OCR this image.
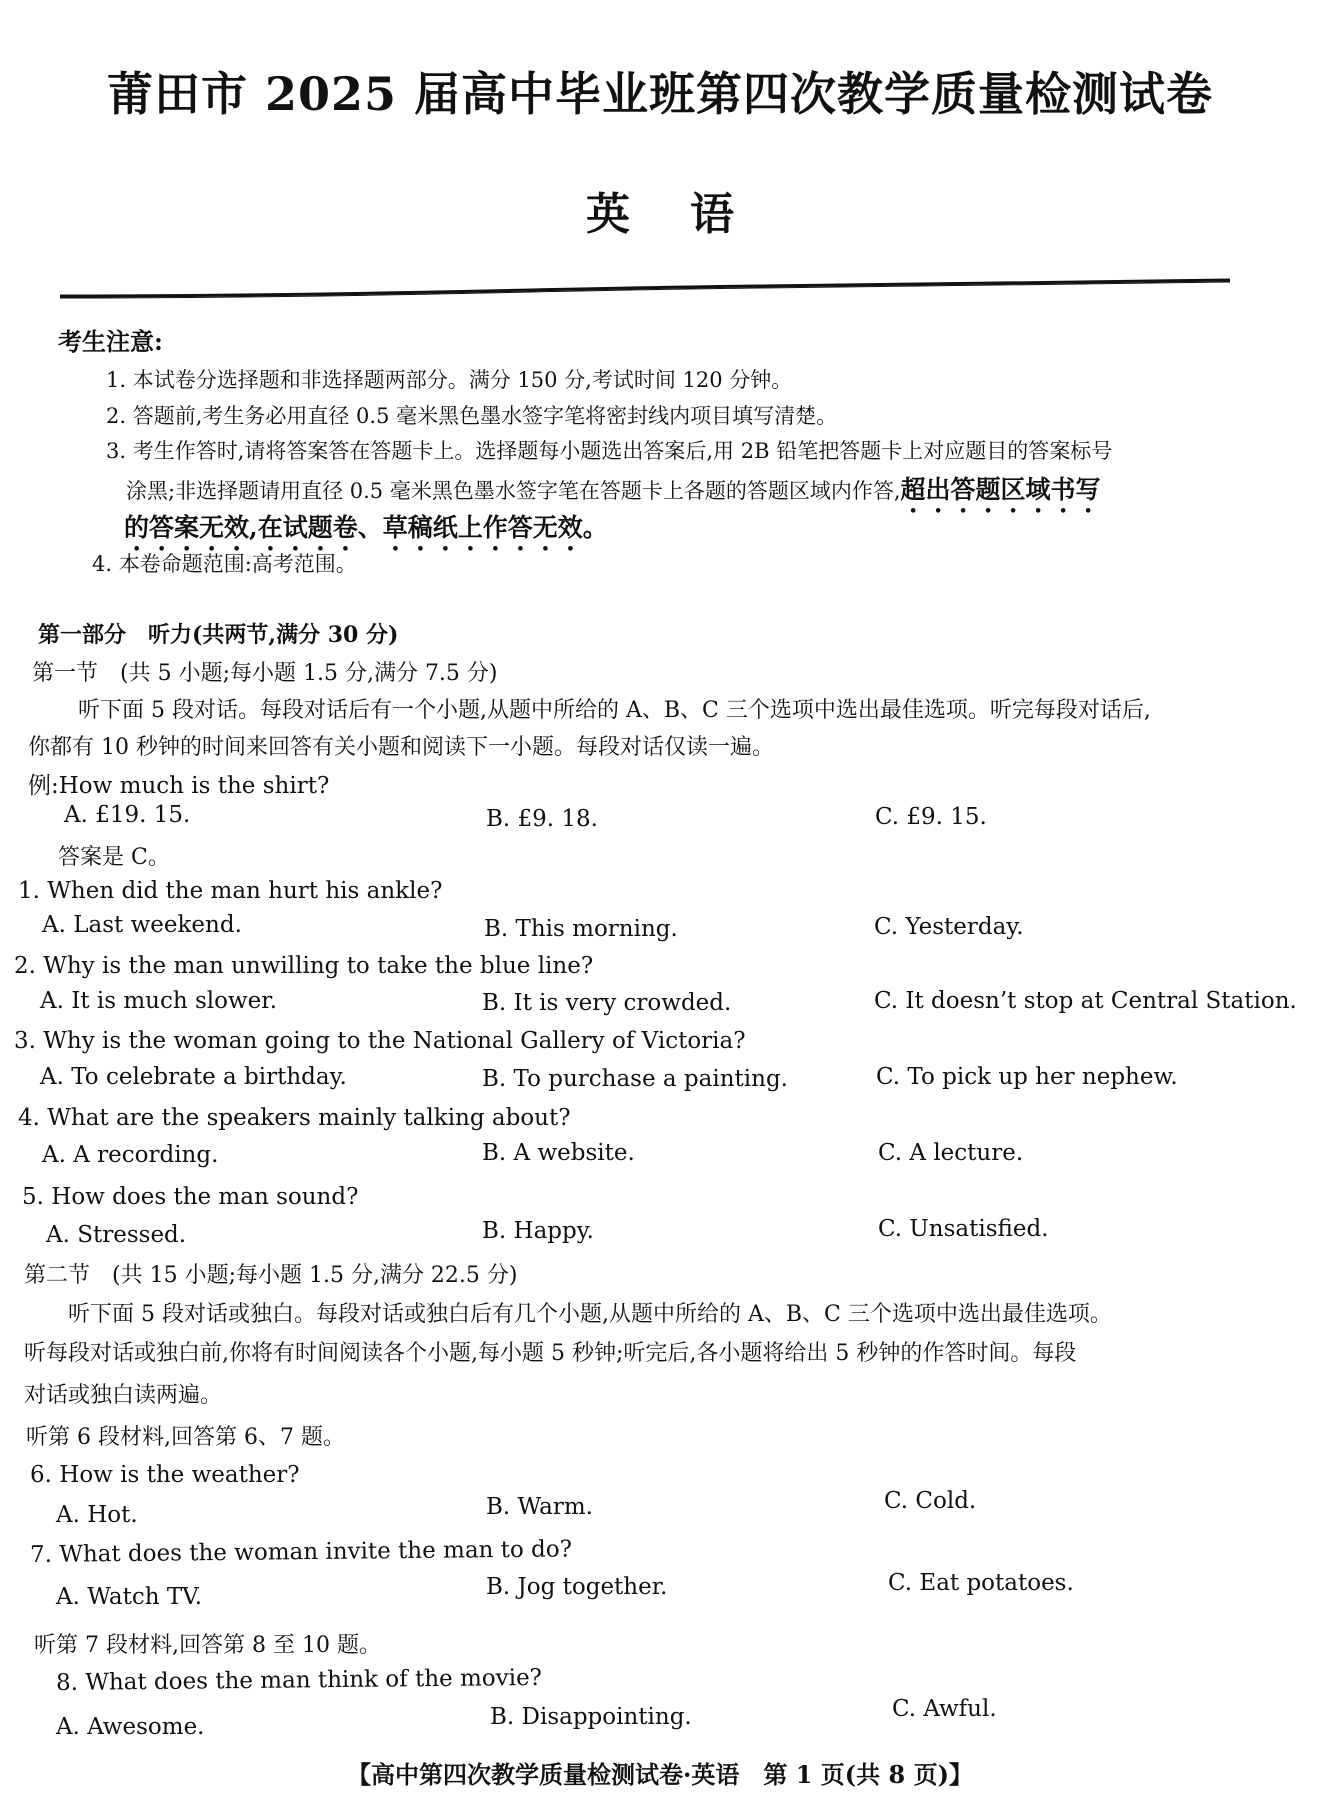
莆田市 2025 届高中毕业班第四次教学质量检测试卷
英语
考生注意:
1. 本试卷分选择题和非选择题两部分。满分 150 分,考试时间 120 分钟。
2. 答题前,考生务必用直径 0.5 毫米黑色墨水签字笔将密封线内项目填写清楚。
3. 考生作答时,请将答案答在答题卡上。选择题每小题选出答案后,用 2B 铅笔把答题卡上对应题目的答案标号
涂黑;非选择题请用直径 0.5 毫米黑色墨水签字笔在答题卡上各题的答题区域内作答,超出答题区域书写
的答案无效,在试题卷、草稿纸上作答无效。
4. 本卷命题范围:高考范围。
第一部分　听力(共两节,满分 30 分)
第一节　(共 5 小题;每小题 1.5 分,满分 7.5 分)
听下面 5 段对话。每段对话后有一个小题,从题中所给的 A、B、C 三个选项中选出最佳选项。听完每段对话后,
你都有 10 秒钟的时间来回答有关小题和阅读下一小题。每段对话仅读一遍。
例:How much is the shirt?
A. £19. 15.	B. £9. 18.	C. £9. 15.
答案是 C。
1. When did the man hurt his ankle?
A. Last weekend.	B. This morning.	C. Yesterday.
2. Why is the man unwilling to take the blue line?
A. It is much slower.	B. It is very crowded.	C. It doesn’t stop at Central Station.
3. Why is the woman going to the National Gallery of Victoria?
A. To celebrate a birthday.	B. To purchase a painting.	C. To pick up her nephew.
4. What are the speakers mainly talking about?
A. A recording.	B. A website.	C. A lecture.
5. How does the man sound?
A. Stressed.	B. Happy.	C. Unsatisfied.
第二节　(共 15 小题;每小题 1.5 分,满分 22.5 分)
听下面 5 段对话或独白。每段对话或独白后有几个小题,从题中所给的 A、B、C 三个选项中选出最佳选项。
听每段对话或独白前,你将有时间阅读各个小题,每小题 5 秒钟;听完后,各小题将给出 5 秒钟的作答时间。每段
对话或独白读两遍。
听第 6 段材料,回答第 6、7 题。
6. How is the weather?
A. Hot.	B. Warm.	C. Cold.
7. What does the woman invite the man to do?
A. Watch TV.	B. Jog together.	C. Eat potatoes.
听第 7 段材料,回答第 8 至 10 题。
8. What does the man think of the movie?
A. Awesome.	B. Disappointing.	C. Awful.
【高中第四次教学质量检测试卷·英语　第 1 页(共 8 页)】
